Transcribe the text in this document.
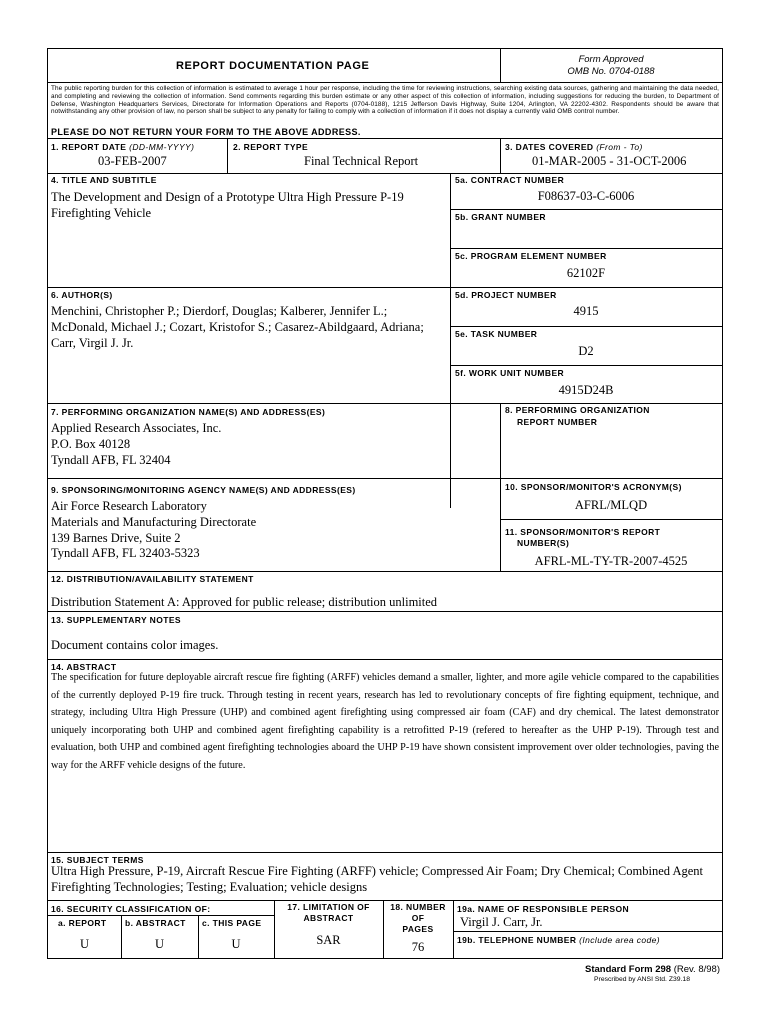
REPORT DOCUMENTATION PAGE
Form Approved
OMB No. 0704-0188
The public reporting burden for this collection of information is estimated to average 1 hour per response, including the time for reviewing instructions, searching existing data sources, gathering and maintaining the data needed, and completing and reviewing the collection of information. Send comments regarding this burden estimate or any other aspect of this collection of information, including suggestions for reducing the burden, to Department of Defense, Washington Headquarters Services, Directorate for Information Operations and Reports (0704-0188), 1215 Jefferson Davis Highway, Suite 1204, Arlington, VA 22202-4302. Respondents should be aware that notwithstanding any other provision of law, no person shall be subject to any penalty for failing to comply with a collection of information if it does not display a currently valid OMB control number.
PLEASE DO NOT RETURN YOUR FORM TO THE ABOVE ADDRESS.
1. REPORT DATE (DD-MM-YYYY)
03-FEB-2007
2. REPORT TYPE
Final Technical Report
3. DATES COVERED (From - To)
01-MAR-2005 - 31-OCT-2006
4. TITLE AND SUBTITLE
The Development and Design of a Prototype Ultra High Pressure P-19 Firefighting Vehicle
5a. CONTRACT NUMBER
F08637-03-C-6006
5b. GRANT NUMBER
5c. PROGRAM ELEMENT NUMBER
62102F
6. AUTHOR(S)
Menchini, Christopher P.; Dierdorf, Douglas; Kalberer, Jennifer L.; McDonald, Michael J.; Cozart, Kristofor S.; Casarez-Abildgaard, Adriana; Carr, Virgil J. Jr.
5d. PROJECT NUMBER
4915
5e. TASK NUMBER
D2
5f. WORK UNIT NUMBER
4915D24B
7. PERFORMING ORGANIZATION NAME(S) AND ADDRESS(ES)
Applied Research Associates, Inc.
P.O. Box 40128
Tyndall AFB, FL 32404
8. PERFORMING ORGANIZATION
REPORT NUMBER
9. SPONSORING/MONITORING AGENCY NAME(S) AND ADDRESS(ES)
Air Force Research Laboratory
Materials and Manufacturing Directorate
139 Barnes Drive, Suite 2
Tyndall AFB, FL 32403-5323
10. SPONSOR/MONITOR'S ACRONYM(S)
AFRL/MLQD
11. SPONSOR/MONITOR'S REPORT
NUMBER(S)
AFRL-ML-TY-TR-2007-4525
12. DISTRIBUTION/AVAILABILITY STATEMENT
Distribution Statement A: Approved for public release; distribution unlimited
13. SUPPLEMENTARY NOTES
Document contains color images.
14. ABSTRACT
The specification for future deployable aircraft rescue fire fighting (ARFF) vehicles demand a smaller, lighter, and more agile vehicle compared to the capabilities of the currently deployed P-19 fire truck. Through testing in recent years, research has led to revolutionary concepts of fire fighting equipment, technique, and strategy, including Ultra High Pressure (UHP) and combined agent firefighting using compressed air foam (CAF) and dry chemical. The latest demonstrator uniquely incorporating both UHP and combined agent firefighting capability is a retrofitted P-19 (refered to hereafter as the UHP P-19). Through test and evaluation, both UHP and combined agent firefighting technologies aboard the UHP P-19 have shown consistent improvement over older technologies, paving the way for the ARFF vehicle designs of the future.
15. SUBJECT TERMS
Ultra High Pressure, P-19, Aircraft Rescue Fire Fighting (ARFF) vehicle; Compressed Air Foam; Dry Chemical; Combined Agent Firefighting Technologies; Testing; Evaluation; vehicle designs
16. SECURITY CLASSIFICATION OF:
a. REPORT b. ABSTRACT c. THIS PAGE
U	U	U
17. LIMITATION OF
ABSTRACT
SAR
18. NUMBER
OF
PAGES
76
19a. NAME OF RESPONSIBLE PERSON
Virgil J. Carr, Jr.
19b. TELEPHONE NUMBER (Include area code)
Standard Form 298 (Rev. 8/98)
Prescribed by ANSI Std. Z39.18
